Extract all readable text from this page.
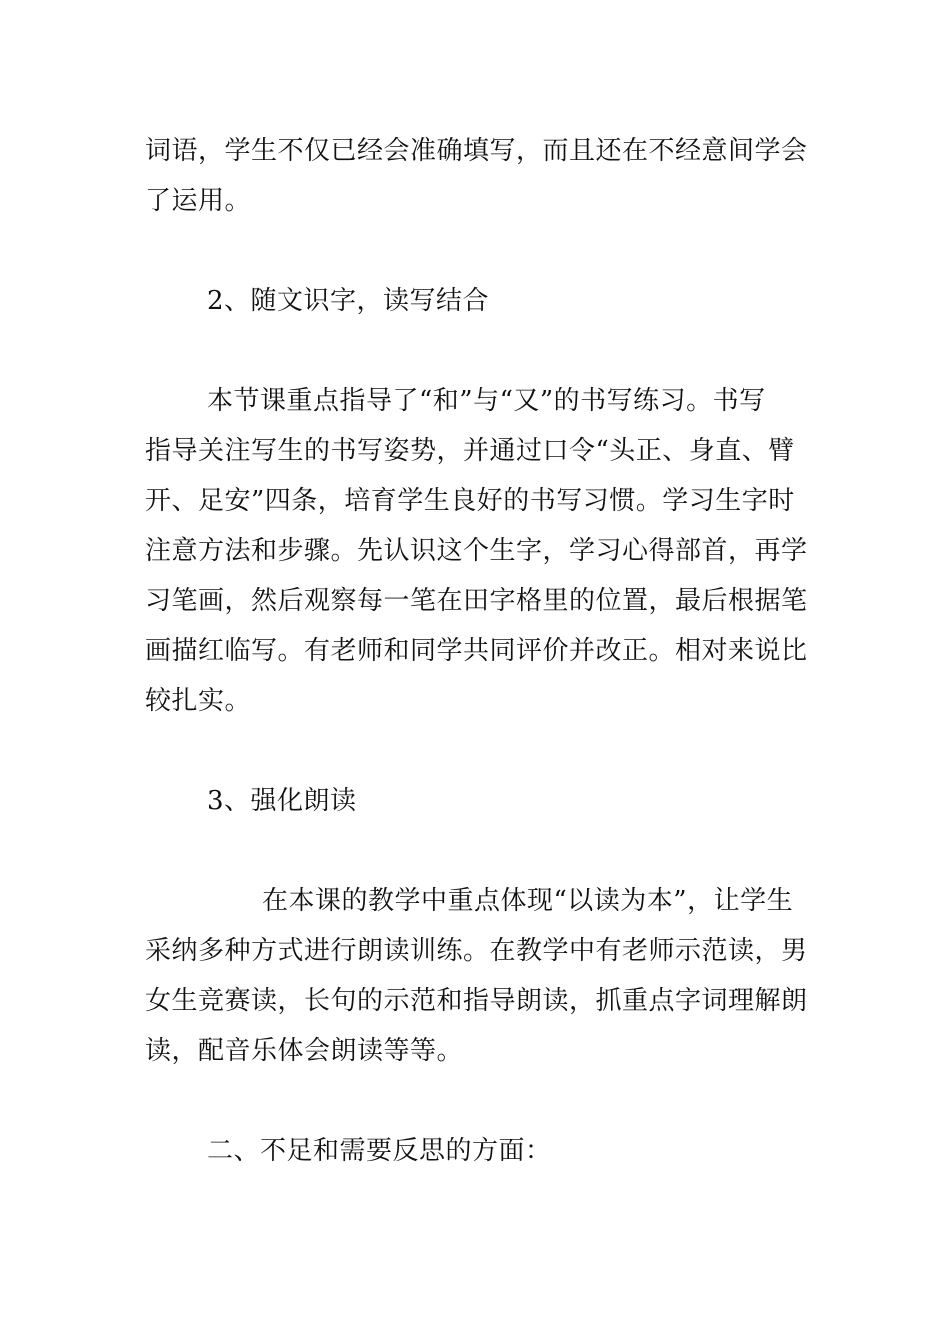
词语，学生不仅已经会准确填写，而且还在不经意间学会
了运用。
2、随文识字，读写结合
本节课重点指导了“和”与“又”的书写练习。书写
指导关注写生的书写姿势，并通过口令“头正、身直、臂
开、足安”四条，培育学生良好的书写习惯。学习生字时
注意方法和步骤。先认识这个生字，学习心得部首，再学
习笔画，然后观察每一笔在田字格里的位置，最后根据笔
画描红临写。有老师和同学共同评价并改正。相对来说比
较扎实。
3、强化朗读
在本课的教学中重点体现“以读为本”，让学生
采纳多种方式进行朗读训练。在教学中有老师示范读，男
女生竞赛读，长句的示范和指导朗读，抓重点字词理解朗
读，配音乐体会朗读等等。
二、不足和需要反思的方面：
